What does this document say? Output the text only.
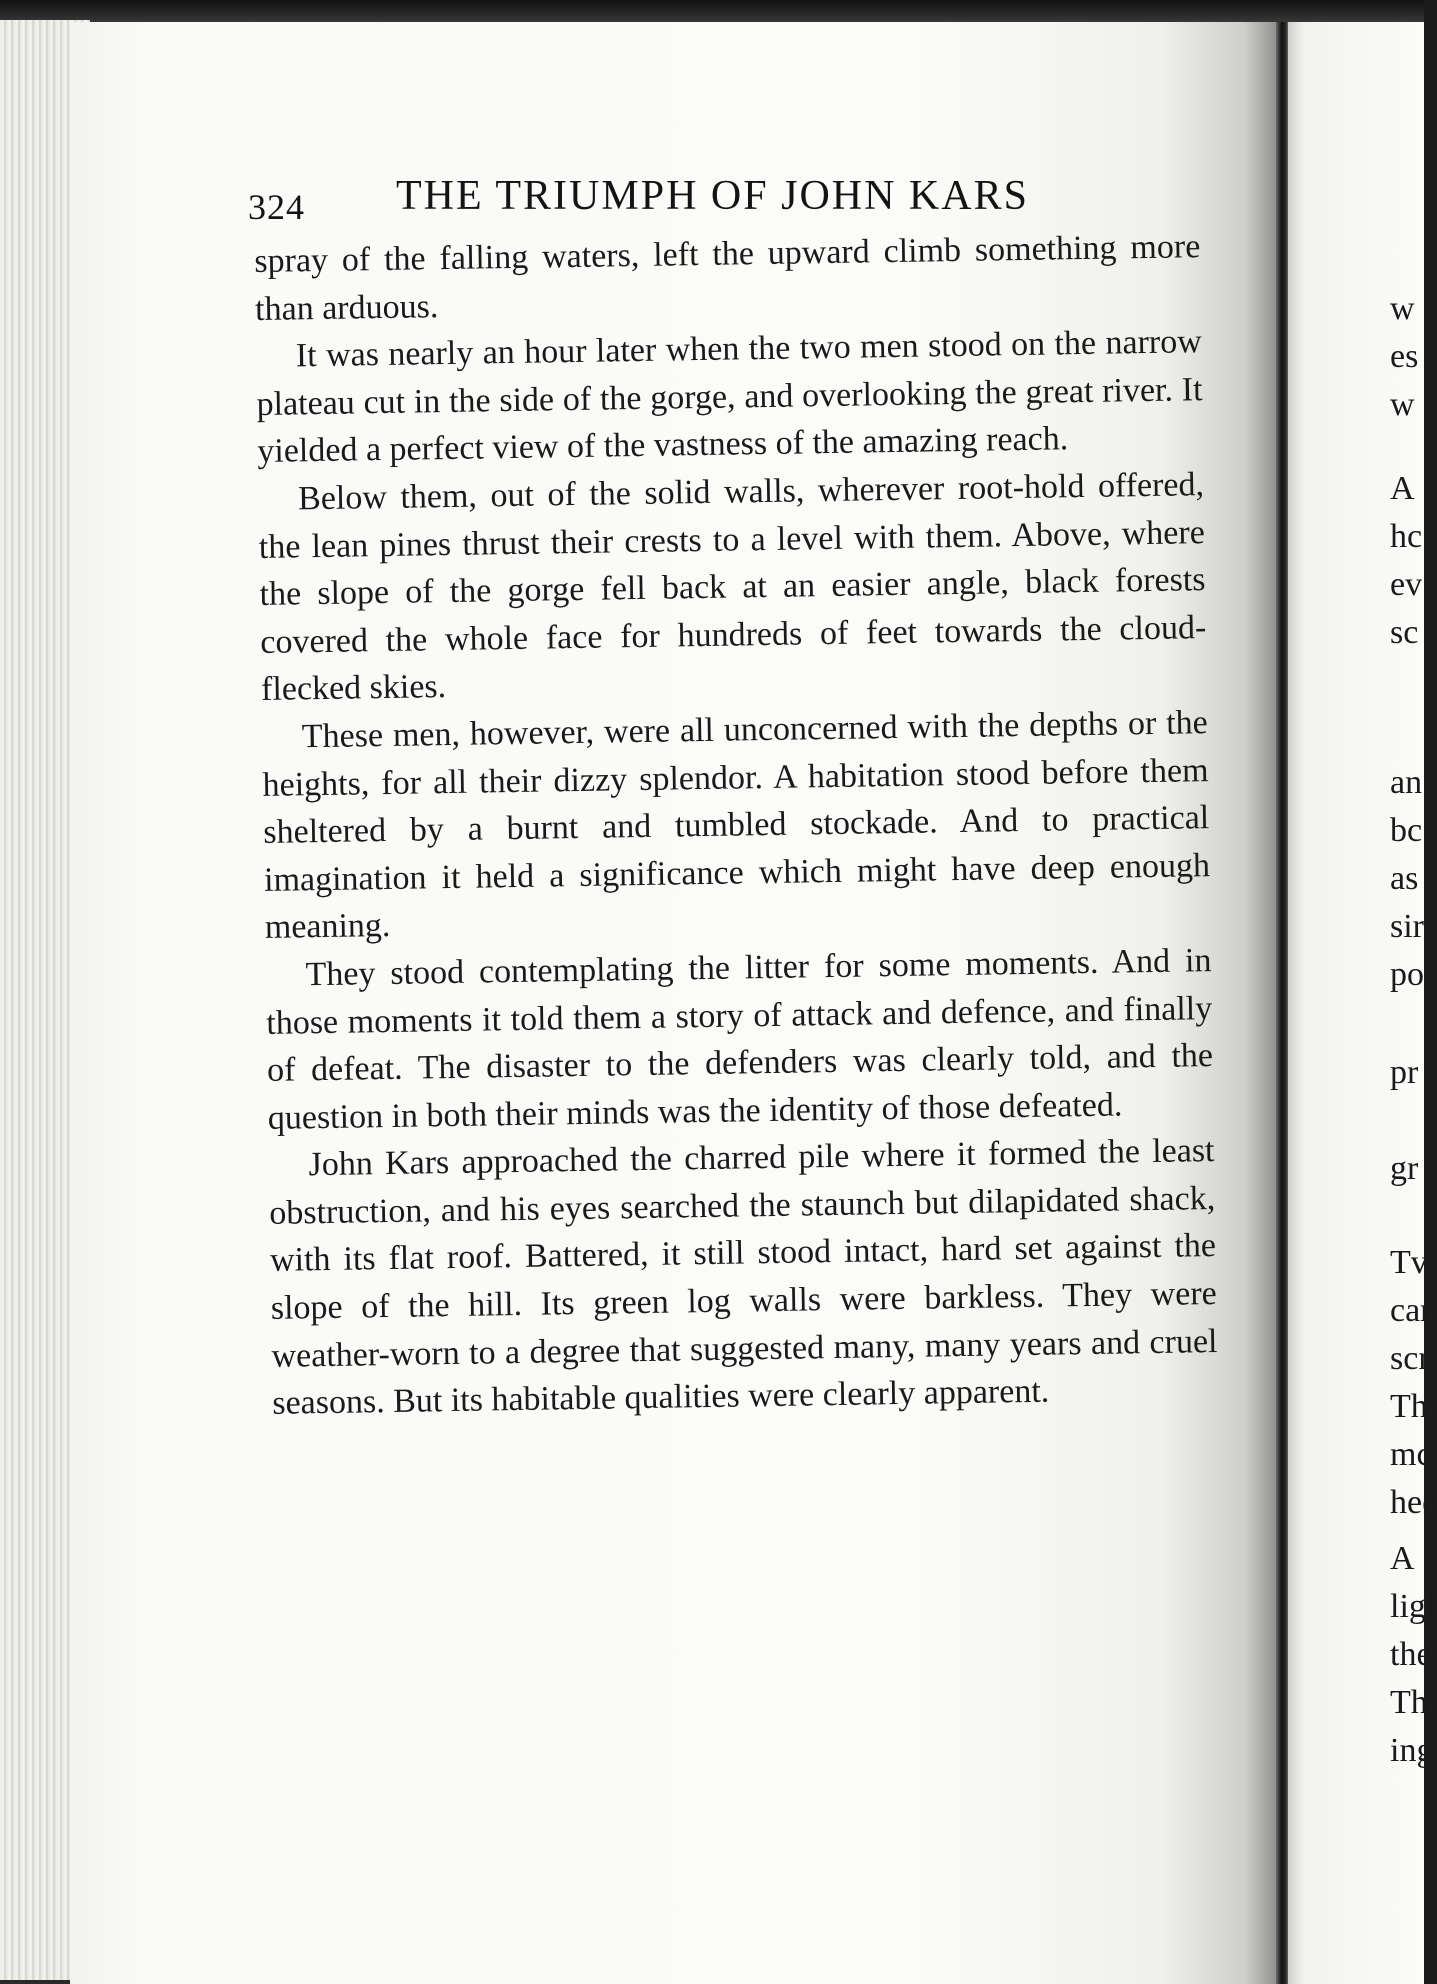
324 THE TRIUMPH OF JOHN KARS

spray of the falling waters, left the upward climb something more than arduous.

It was nearly an hour later when the two men stood on the narrow plateau cut in the side of the gorge, and overlooking the great river. It yielded a perfect view of the vastness of the amazing reach.

Below them, out of the solid walls, wherever root-hold offered, the lean pines thrust their crests to a level with them. Above, where the slope of the gorge fell back at an easier angle, black forests covered the whole face for hundreds of feet towards the cloud-flecked skies.

These men, however, were all unconcerned with the depths or the heights, for all their dizzy splendor. A habitation stood before them sheltered by a burnt and tumbled stockade. And to practical imagination it held a significance which might have deep enough meaning.

They stood contemplating the litter for some moments. And in those moments it told them a story of attack and defence, and finally of defeat. The disaster to the defenders was clearly told, and the question in both their minds was the identity of those defeated.

John Kars approached the charred pile where it formed the least obstruction, and his eyes searched the staunch but dilapidated shack, with its flat roof. Battered, it still stood intact, hard set against the slope of the hill. Its green log walls were barkless. They were weather-worn to a degree that suggested many, many years and cruel seasons. But its habitable qualities were clearly apparent.

w
es
w
A
hc
ev
sc
an
bc
as
sir
po
pr
gr
Tv
car
scr
Th
mc
hee
A
ligl
the
Th
ing
